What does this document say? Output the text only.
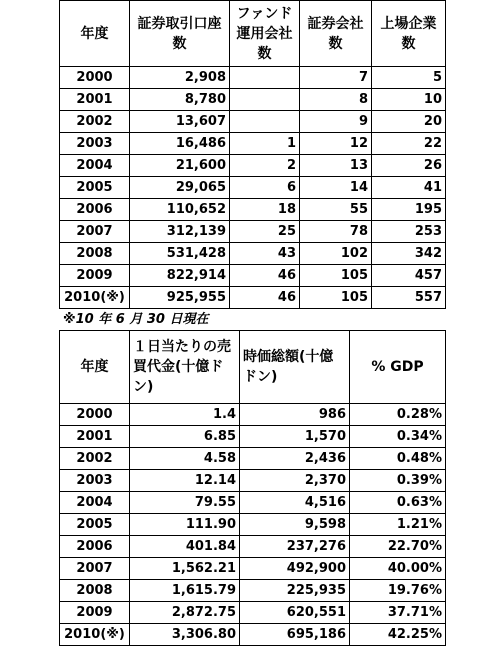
年度	証券取引口座数	ファンド運用会社数	証券会社数	上場企業数
2000	2,908		7	5
2001	8,780		8	10
2002	13,607		9	20
2003	16,486	1	12	22
2004	21,600	2	13	26
2005	29,065	6	14	41
2006	110,652	18	55	195
2007	312,139	25	78	253
2008	531,428	43	102	342
2009	822,914	46	105	457
2010(※)	925,955	46	105	557
※10 年 6 月 30 日現在
年度	１日当たりの売買代金(十億ドン)	時価総額(十億ドン)	% GDP
2000	1.4	986	0.28%
2001	6.85	1,570	0.34%
2002	4.58	2,436	0.48%
2003	12.14	2,370	0.39%
2004	79.55	4,516	0.63%
2005	111.90	9,598	1.21%
2006	401.84	237,276	22.70%
2007	1,562.21	492,900	40.00%
2008	1,615.79	225,935	19.76%
2009	2,872.75	620,551	37.71%
2010(※)	3,306.80	695,186	42.25%
